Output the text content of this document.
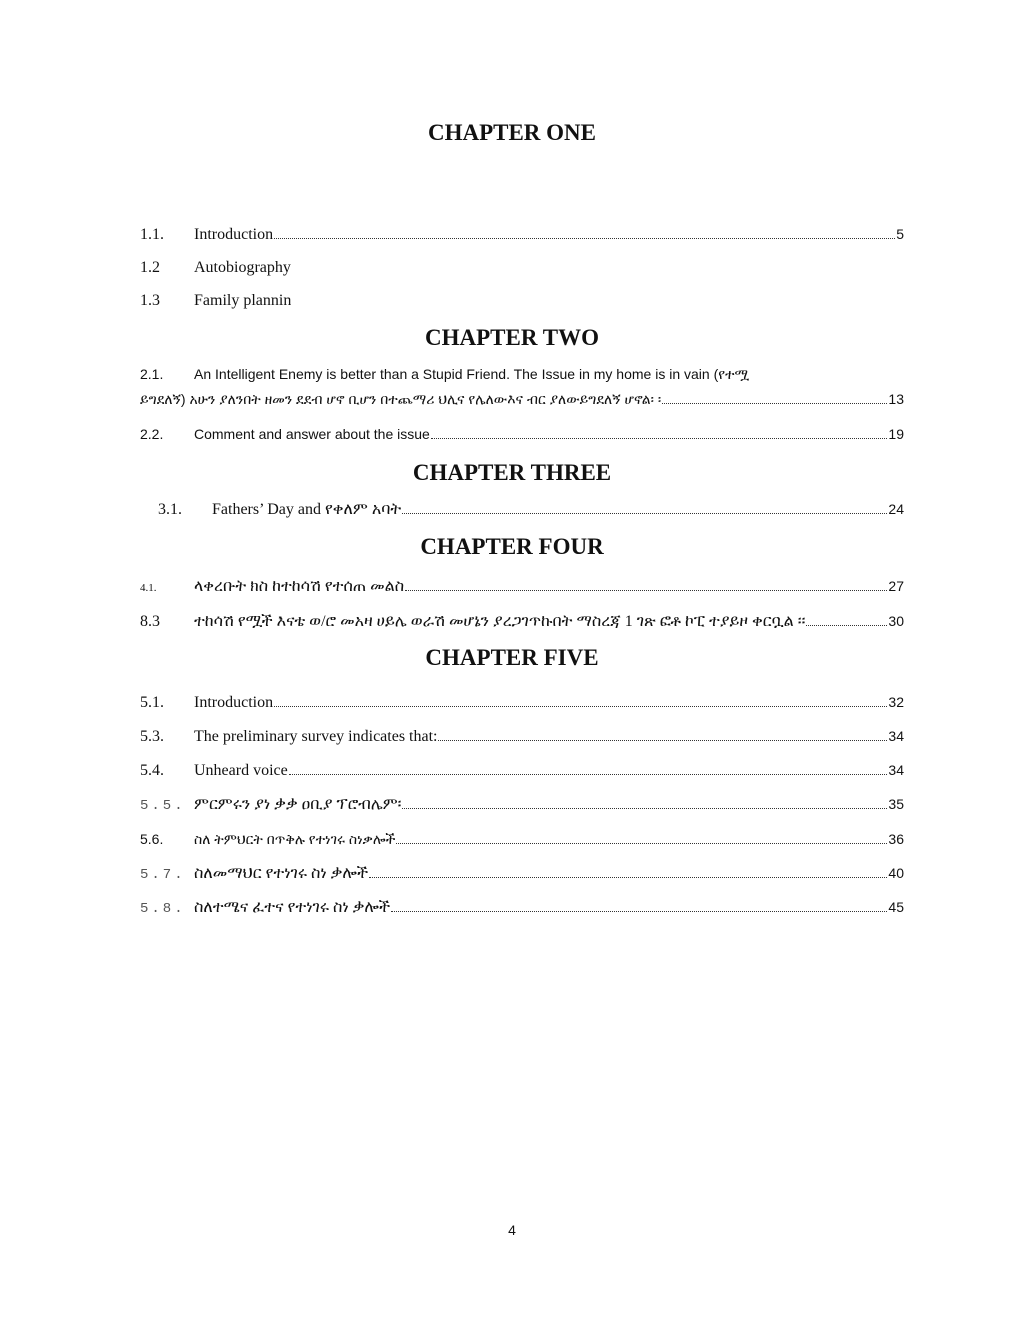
CHAPTER ONE
1.1.	Introduction	5
1.2	Autobiography
1.3	Family plannin
CHAPTER TWO
2.1.	An Intelligent Enemy is better than a Stupid Friend. The Issue in my home is in vain (የተሟ
ይግደለኝ) አሁን ያለንበት ዘመን ደደብ ሆኖ ቢሆን በተጨማሪ ህሊና የሌለውእና ብር ያለውይግደለኝ ሆኖል፡ ፡	13
2.2.	Comment and answer about the issue	19
CHAPTER THREE
3.1.	Fathers’ Day and የቀለም አባት	24
CHAPTER FOUR
4.1.	ላቀረቡት ክስ ከተከሳሽ የተሰጠ መልስ	27
8.3	ተከሳሽ የሟች እናቴ ወ/ሮ መአዛ ሀይሌ ወራሽ መሆኔን ያረጋገጥኩበት ማስረጃ 1 ገጽ ፎቶ ኮፒ ተያይዞ ቀርቧል ፡፡	30
CHAPTER FIVE
5.1.	Introduction	32
5.3.	The preliminary survey indicates that:	34
5.4.	Unheard voice	34
5.5. ምርምሩን ያነ ቃቃ ዐቢያ ፕሮብሌም፡	35
5.6.	ስለ ትምህርት በጥቅሉ የተነገሩ ስነቃሎች	36
5.7. ስለመማህር የተነገሩ ስነ ቃሎች	40
5.8. ስለተሜና ፈተና የተነገሩ ስነ ቃሎች	45
4
